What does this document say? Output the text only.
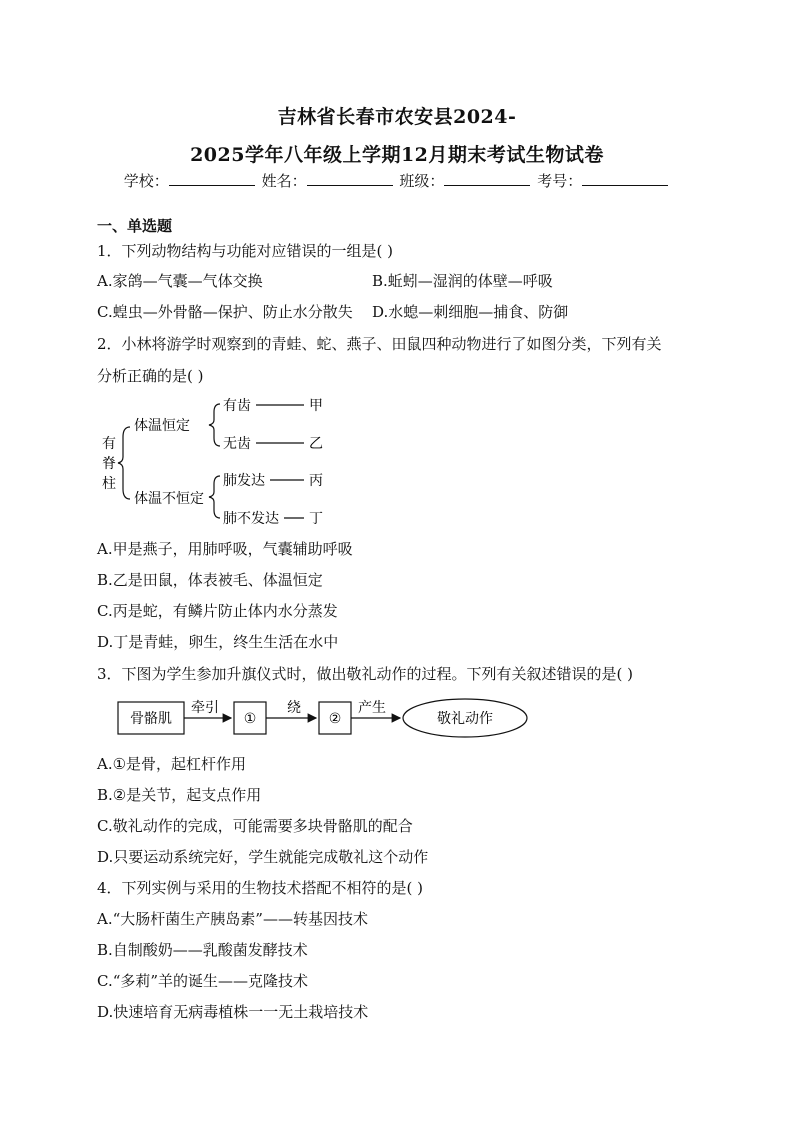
吉林省长春市农安县2024-
2025学年八年级上学期12月期末考试生物试卷
学校：	姓名：	班级：	考号：
一、单选题
1．下列动物结构与功能对应错误的一组是( )
A.家鸽—气囊—气体交换	B.蚯蚓—湿润的体壁—呼吸
C.蝗虫—外骨骼—保护、防止水分散失 D.水螅—刺细胞—捕食、防御
2．小林将游学时观察到的青蛙、蛇、燕子、田鼠四种动物进行了如图分类，下列有关
分析正确的是( )
有
脊
柱
体温恒定
体温不恒定
有齿	甲
无齿	乙
肺发达	丙
肺不发达 丁
A.甲是燕子，用肺呼吸，气囊辅助呼吸
B.乙是田鼠，体表被毛、体温恒定
C.丙是蛇，有鳞片防止体内水分蒸发
D.丁是青蛙，卵生，终生生活在水中
3．下图为学生参加升旗仪式时，做出敬礼动作的过程。下列有关叙述错误的是( )
骨骼肌
牵引
①
绕
②
产生
敬礼动作
A.①是骨，起杠杆作用
B.②是关节，起支点作用
C.敬礼动作的完成，可能需要多块骨骼肌的配合
D.只要运动系统完好，学生就能完成敬礼这个动作
4．下列实例与采用的生物技术搭配不相符的是( )
A.“大肠杆菌生产胰岛素”——转基因技术
B.自制酸奶——乳酸菌发酵技术
C.“多莉”羊的诞生——克隆技术
D.快速培育无病毒植株一一无土栽培技术
